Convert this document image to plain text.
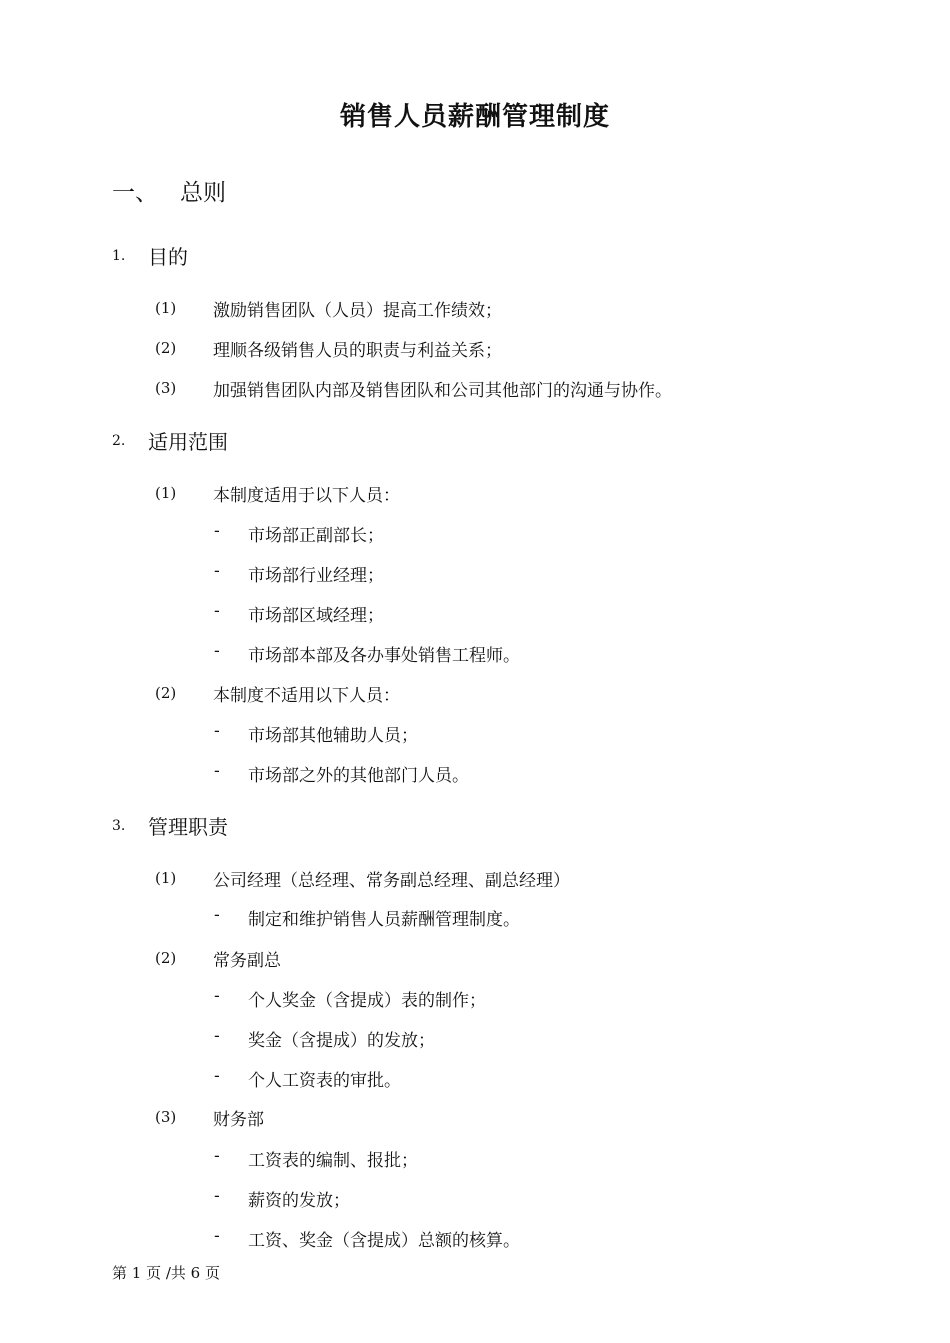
销售人员薪酬管理制度
一、 总则
1. 目的
(1) 激励销售团队（人员）提高工作绩效；
(2) 理顺各级销售人员的职责与利益关系；
(3) 加强销售团队内部及销售团队和公司其他部门的沟通与协作。
2. 适用范围
(1) 本制度适用于以下人员：
- 市场部正副部长；
- 市场部行业经理；
- 市场部区域经理；
- 市场部本部及各办事处销售工程师。
(2) 本制度不适用以下人员：
- 市场部其他辅助人员；
- 市场部之外的其他部门人员。
3. 管理职责
(1) 公司经理（总经理、常务副总经理、副总经理）
- 制定和维护销售人员薪酬管理制度。
(2) 常务副总
- 个人奖金（含提成）表的制作；
- 奖金（含提成）的发放；
- 个人工资表的审批。
(3) 财务部
- 工资表的编制、报批；
- 薪资的发放；
- 工资、奖金（含提成）总额的核算。
第 1 页 /共 6 页
